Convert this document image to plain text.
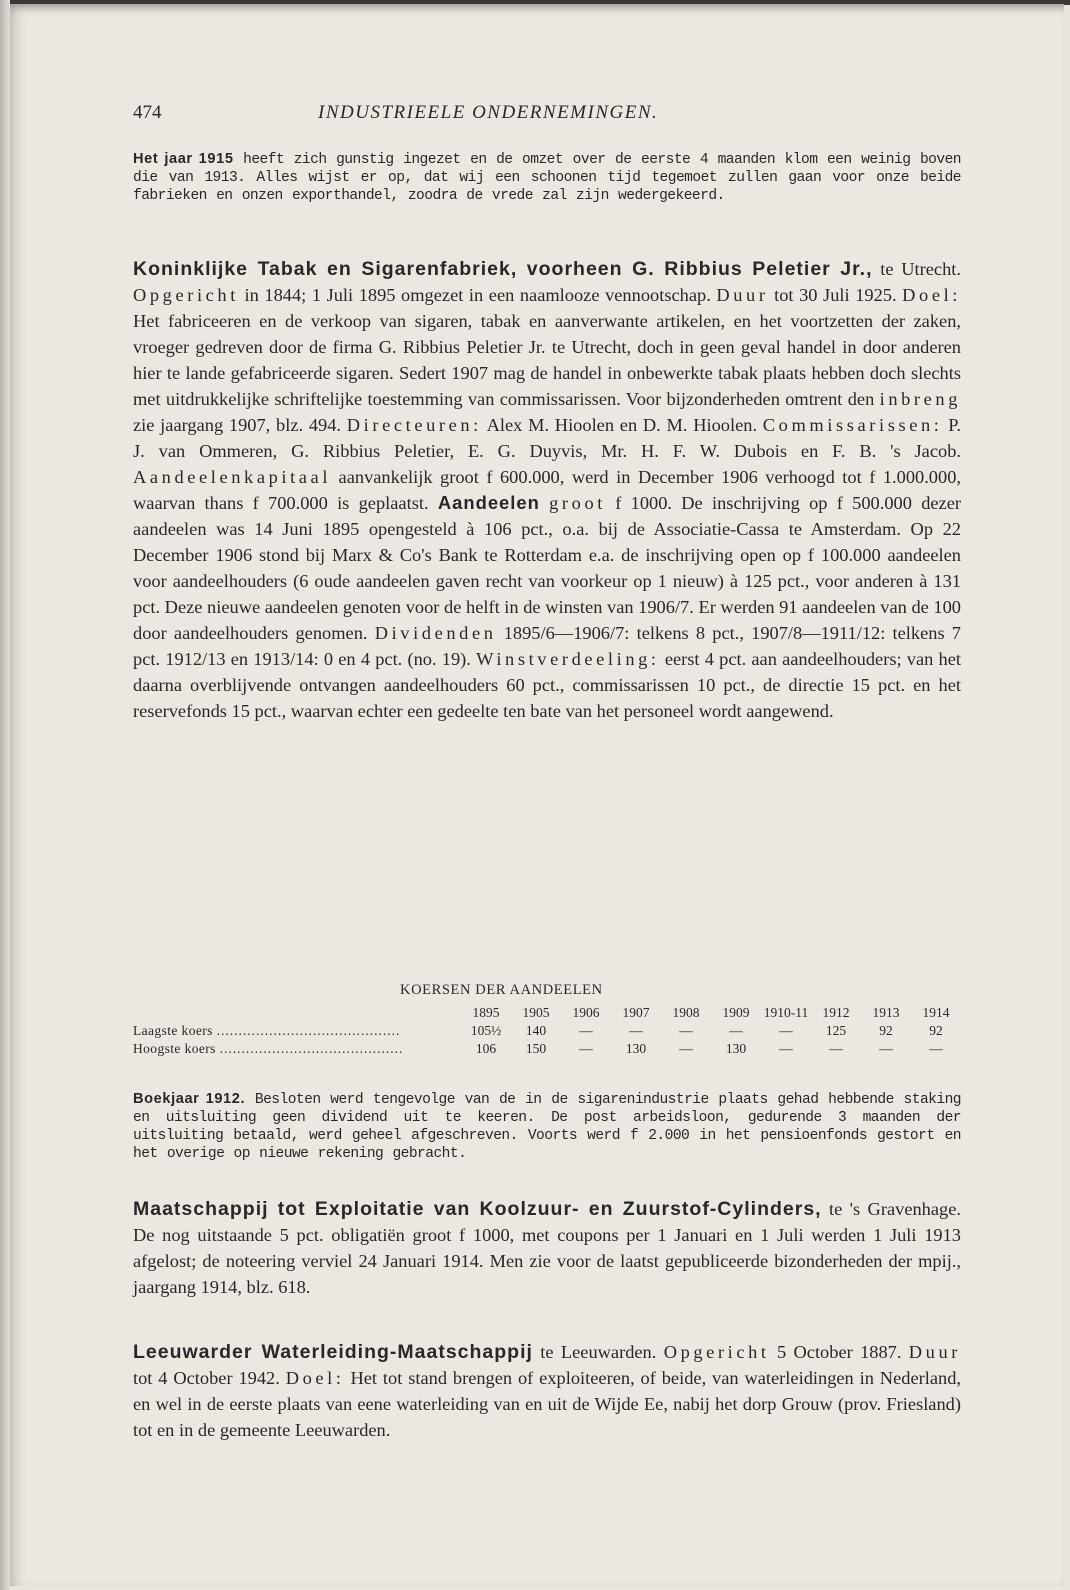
474	INDUSTRIEELE ONDERNEMINGEN.

Het jaar 1915 heeft zich gunstig ingezet en de omzet over de eerste 4 maanden klom een weinig boven die van 1913. Alles wijst er op, dat wij een schoonen tijd tegemoet zullen gaan voor onze beide fabrieken en onzen exporthandel, zoodra de vrede zal zijn wedergekeerd.

Koninklijke Tabak en Sigarenfabriek, voorheen G. Ribbius Peletier Jr., te Utrecht. Opgericht in 1844; 1 Juli 1895 omgezet in een naamlooze vennootschap. Duur tot 30 Juli 1925. Doel: Het fabriceeren en de verkoop van sigaren, tabak en aanverwante artikelen, en het voortzetten der zaken, vroeger gedreven door de firma G. Ribbius Peletier Jr. te Utrecht, doch in geen geval handel in door anderen hier te lande gefabriceerde sigaren. Sedert 1907 mag de handel in onbewerkte tabak plaats hebben doch slechts met uitdrukkelijke schriftelijke toestemming van commissarissen. Voor bijzonderheden omtrent den inbreng zie jaargang 1907, blz. 494. Directeuren: Alex M. Hioolen en D. M. Hioolen. Commissarissen: P. J. van Ommeren, G. Ribbius Peletier, E. G. Duyvis, Mr. H. F. W. Dubois en F. B. 's Jacob. Aandeelenkapitaal aanvankelijk groot f 600.000, werd in December 1906 verhoogd tot f 1.000.000, waarvan thans f 700.000 is geplaatst. Aandeelen groot f 1000. De inschrijving op f 500.000 dezer aandeelen was 14 Juni 1895 opengesteld à 106 pct., o.a. bij de Associatie-Cassa te Amsterdam. Op 22 December 1906 stond bij Marx & Co's Bank te Rotterdam e.a. de inschrijving open op f 100.000 aandeelen voor aandeelhouders (6 oude aandeelen gaven recht van voorkeur op 1 nieuw) à 125 pct., voor anderen à 131 pct. Deze nieuwe aandeelen genoten voor de helft in de winsten van 1906/7. Er werden 91 aandeelen van de 100 door aandeelhouders genomen. Dividenden 1895/6—1906/7: telkens 8 pct., 1907/8—1911/12: telkens 7 pct. 1912/13 en 1913/14: 0 en 4 pct. (no. 19). Winstverdeeling: eerst 4 pct. aan aandeelhouders; van het daarna overblijvende ontvangen aandeelhouders 60 pct., commissarissen 10 pct., de directie 15 pct. en het reservefonds 15 pct., waarvan echter een gedeelte ten bate van het personeel wordt aangewend.

KOERSEN DER AANDEELEN
	1895	1905	1906	1907	1908	1909	1910-11	1912	1913	1914
Laagste koers ..........................................	105½	140	—	—	—	—	—	125	92	92
Hoogste koers ..........................................	106	150	—	130	—	130	—	—	—	—

Boekjaar 1912. Besloten werd tengevolge van de in de sigarenindustrie plaats gehad hebbende staking en uitsluiting geen dividend uit te keeren. De post arbeidsloon, gedurende 3 maanden der uitsluiting betaald, werd geheel afgeschreven. Voorts werd f 2.000 in het pensioenfonds gestort en het overige op nieuwe rekening gebracht.

Maatschappij tot Exploitatie van Koolzuur- en Zuurstof-Cylinders, te 's Gravenhage. De nog uitstaande 5 pct. obligatiën groot f 1000, met coupons per 1 Januari en 1 Juli werden 1 Juli 1913 afgelost; de noteering verviel 24 Januari 1914. Men zie voor de laatst gepubliceerde bizonderheden der mpij., jaargang 1914, blz. 618.

Leeuwarder Waterleiding-Maatschappij te Leeuwarden. Opgericht 5 October 1887. Duur tot 4 October 1942. Doel: Het tot stand brengen of exploiteeren, of beide, van waterleidingen in Nederland, en wel in de eerste plaats van eene waterleiding van en uit de Wijde Ee, nabij het dorp Grouw (prov. Friesland) tot en in de gemeente Leeuwarden.
